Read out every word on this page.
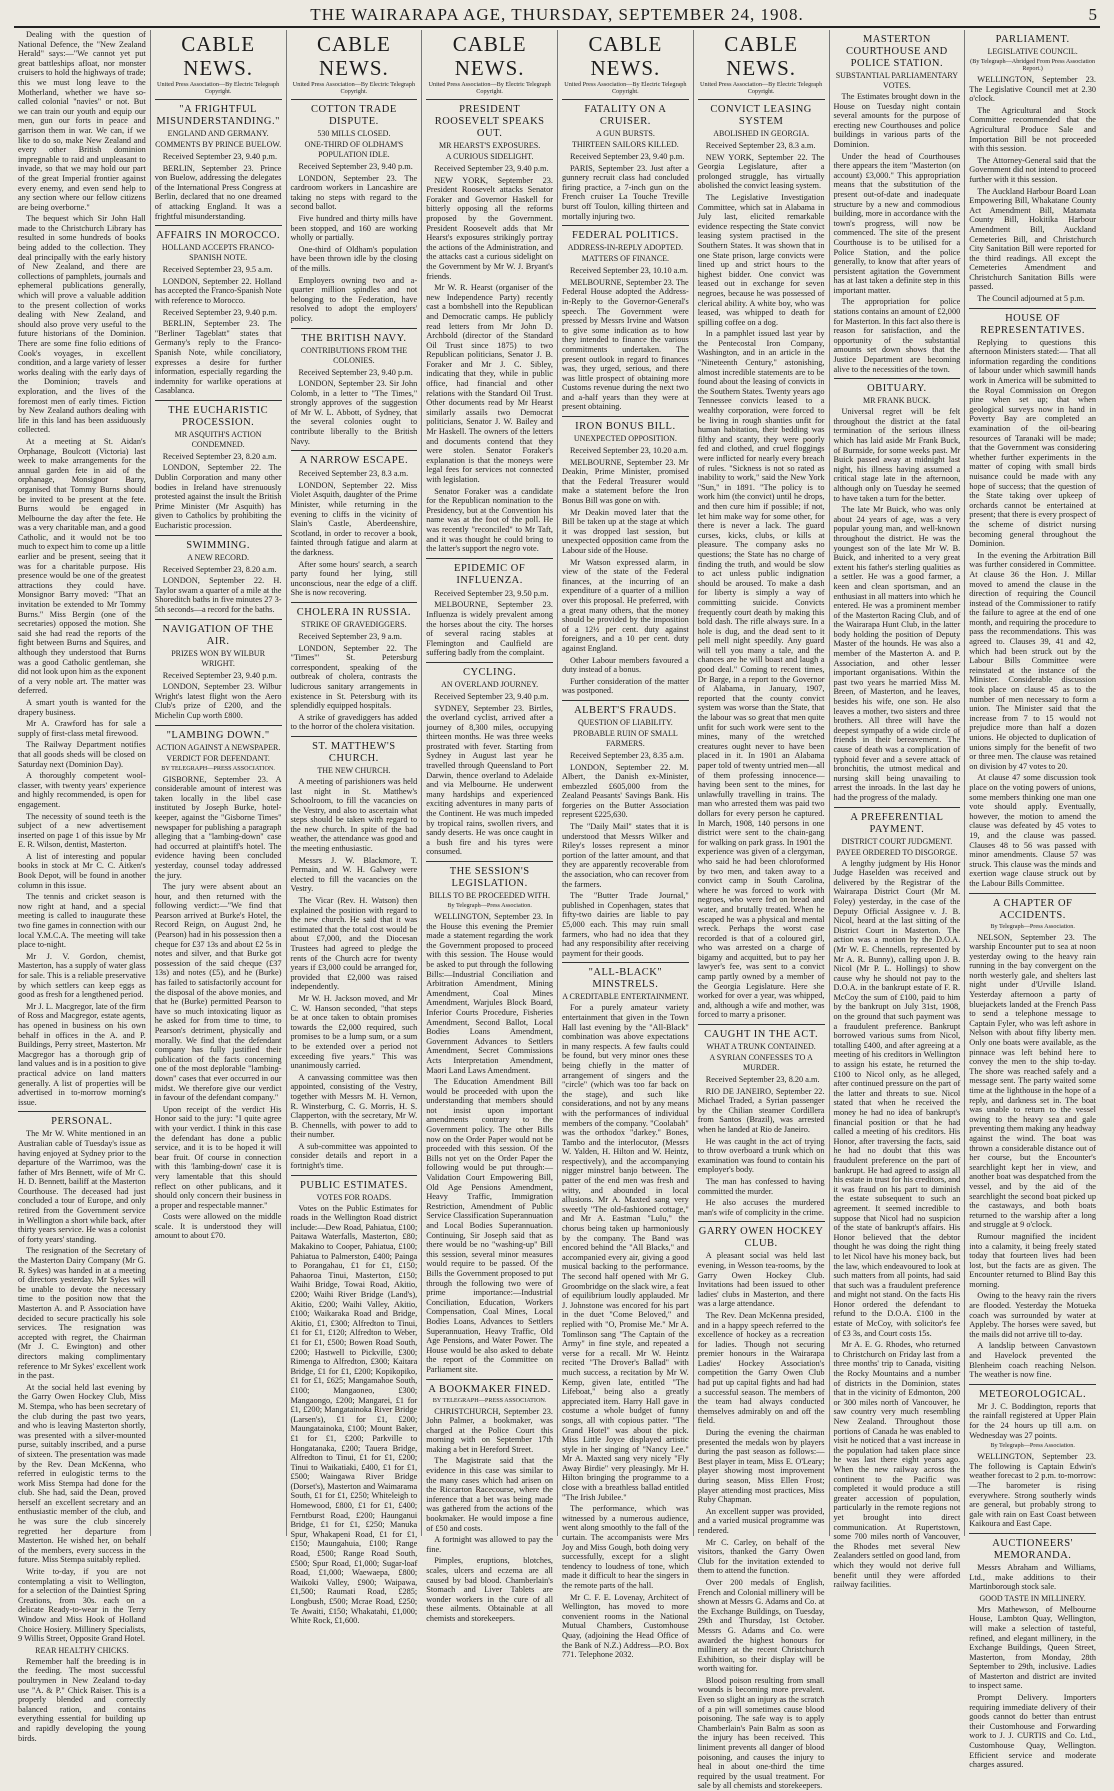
THE WAIRARAPA AGE, THURSDAY, SEPTEMBER 24, 1908.	5

Dealing with the question of National Defence, the "New Zealand Herald" says:—"We cannot yet put great battleships afloat, nor monster cruisers to hold the highways of trade; this we must long leave to the Motherland, whether we have so-called colonial "navies" or not. But we can train our youth and equip our men, gun our forts in peace and garrison them in war. We can, if we like to do so, make New Zealand and every other British dominion impregnable to raid and unpleasant to invade, so that we may hold our part of the great Imperial frontier against every enemy, and even send help to any section where our fellow citizens are being overborne."

The bequest which Sir John Hall made to the Christchurch Library has resulted in some hundreds of books being added to the collection. They deal principally with the early history of New Zealand, and there are collections of pamphlets, journals and ephemeral publications generally, which will prove a valuable addition to the present collection of works dealing with New Zealand, and should also prove very useful to the future historians of the Dominion. There are some fine folio editions of Cook's voyages, in excellent condition, and a large variety of lesser works dealing with the early days of the Dominion; travels and exploration, and the lives of the foremost men of early times. Fiction by New Zealand authors dealing with life in this land has been assiduously collected.

At a meeting at St. Aidan's Orphanage, Boulcott (Victoria) last week to make arrangements for the annual garden fete in aid of the orphanage, Monsignor Barry, organised that Tommy Burns should be invited to be present at the fete. Burns would be engaged in Melbourne the day after the fete. He was a very charitable man, and a good Catholic, and it would not be too much to expect him to come up a little earlier and be present, seeing that it was for a charitable purpose. His presence would be one of the greatest attractions they could have. Monsignor Barry moved: "That an invitation be extended to Mr Tommy Burns." Miss Bergin (one of the secretaries) opposed the motion. She said she had read the reports of the fight between Burns and Squires, and although they understood that Burns was a good Catholic gentleman, she did not look upon him as the exponent of a very noble art. The matter was deferred.

A smart youth is wanted for the drapery business.

Mr A. Crawford has for sale a supply of first-class metal firewood.

The Railway Department notifies that all goods sheds will be closed on Saturday next (Dominion Day).

A thoroughly competent wool-classer, with twenty years' experience and highly recommended, is open for engagement.

The necessity of sound teeth is the subject of a new advertisement inserted on page 1 of this issue by Mr E. R. Wilson, dentist, Masterton.

A list of interesting and popular books in stock at Mr C. C. Aitken's Book Depot, will be found in another column in this issue.

The tennis and cricket season is now right at hand, and a special meeting is called to inaugurate these two fine games in connection with our local Y.M.C.A. The meeting will take place to-night.

Mr J. V. Gordon, chemist, Masterton, has a supply of water glass for sale. This is a reliable preservative by which settlers can keep eggs as good as fresh for a lengthened period.

Mr J. L. Macgregor, late of the firm of Ross and Macgregor, estate agents, has opened in business on his own behalf in offices in the A. and P. Buildings, Perry street, Masterton. Mr Macgregor has a thorough grip of land values and is in a position to give practical advice on land matters generally. A list of properties will be advertised in to-morrow morning's issue.

PERSONAL.

The Mr W. White mentioned in an Australian cable of Tuesday's issue as having enjoyed at Sydney prior to the departure of the Warrimoo, was the father of Mrs Bennett, wife of Mr C. H. D. Bennett, bailiff at the Masterton Courthouse. The deceased had just concluded a tour of Europe, and only retired from the Government service in Wellington a short while back, after thirty years service. He was a colonist of forty years' standing.

The resignation of the Secretary of the Masterton Dairy Company (Mr G. R. Sykes) was handed in at a meeting of directors yesterday. Mr Sykes will be unable to devote the necessary time to the position now that the Masterton A. and P. Association have decided to secure practically his sole services. The resignation was accepted with regret, the Chairman (Mr J. C. Ewington) and other directors making complimentary reference to Mr Sykes' excellent work in the past.

At the social held last evening by the Garry Owen Hockey Club, Miss M. Stempa, who has been secretary of the club during the past two years, and who is leaving Masterton shortly, was presented with a silver-mounted purse, suitably inscribed, and a purse of sixteen. The presentation was made by the Rev. Dean McKenna, who referred in eulogistic terms to the work Miss Stempa had done for the club. She had, said the Dean, proved herself an excellent secretary and an enthusiastic member of the club, and he was sure the club sincerely regretted her departure from Masterton. He wished her, on behalf of the members, every success in the future. Miss Stempa suitably replied.

Write to-day, if you are not contemplating a visit to Wellington, for a selection of the Daintiest Spring Creations, from 30s. each on a delicate Ready-to-wear in the Terry Window and Miss Hook of Holland Choice Hosiery. Millinery Specialists, 9 Willis Street, Opposite Grand Hotel.

REAR HEALTHY CHICKS.

Remember half the breeding is in the feeding. The most successful poultrymen in New Zealand to-day use "A. & P." Chick Raiser. This is a properly blended and correctly balanced ration, and contains everything essential for building up and rapidly developing the young birds.

CABLE NEWS.
United Press Association—By Electric Telegraph Copyright.
"A FRIGHTFUL MISUNDERSTANDING."
ENGLAND AND GERMANY.
COMMENTS BY PRINCE BUELOW.

Received September 23, 9.40 p.m.

BERLIN, September 23. Prince von Buelow, addressing the delegates of the International Press Congress at Berlin, declared that no one dreamed of attacking England. It was a frightful misunderstanding.

AFFAIRS IN MOROCCO.
HOLLAND ACCEPTS FRANCO-SPANISH NOTE.

Received September 23, 9.5 a.m.

LONDON, September 22. Holland has accepted the Franco-Spanish Note with reference to Morocco.

Received September 23, 9.40 p.m.

BERLIN, September 23. The "Berliner Tageblatt" states that Germany's reply to the Franco-Spanish Note, while conciliatory, expresses a desire for further information, especially regarding the indemnity for warlike operations at Casablanca.

THE EUCHARISTIC PROCESSION.
MR ASQUITH'S ACTION CONDEMNED.

Received September 23, 8.20 a.m.

LONDON, September 22. The Dublin Corporation and many other bodies in Ireland have strenuously protested against the insult the British Prime Minister (Mr Asquith) has given to Catholics by prohibiting the Eucharistic procession.

SWIMMING.
A NEW RECORD.

Received September 23, 8.20 a.m.

LONDON, September 22. H. Taylor swam a quarter of a mile at the Shoreditch baths in five minutes 27 3-5th seconds—a record for the baths.

NAVIGATION OF THE AIR.
PRIZES WON BY WILBUR WRIGHT.

Received September 23, 9.40 p.m.

LONDON, September 23. Wilbur Wright's latest flight won the Aero Club's prize of £200, and the Michelin Cup worth £800.

"LAMBING DOWN."
ACTION AGAINST A NEWSPAPER.
VERDICT FOR DEFENDANT.
BY TELEGRAPH—PRESS ASSOCIATION.

GISBORNE, September 23. A considerable amount of interest was taken locally in the libel case instituted by Joseph Burke, hotel-keeper, against the "Gisborne Times" newspaper for publishing a paragraph alleging that a "lambing-down" case had occurred at plaintiff's hotel. The evidence having been concluded yesterday, counsel today addressed the jury.

The jury were absent about an hour, and then returned with the following verdict:—"We find that Pearson arrived at Burke's Hotel, the Record Reign, on August 2nd, he (Pearson) had in his possession then a cheque for £37 13s and about £2 5s in notes and silver, and that Burke got possession of the said cheque (£37 13s) and notes (£5), and he (Burke) has failed to satisfactorily account for the disposal of the above monies, and that he (Burke) permitted Pearson to have so much intoxicating liquor as he asked for from time to time, to Pearson's detriment, physically and morally. We find that the defendant company has fully justified their publication of the facts concerning one of the most deplorable "lambing-down" cases that ever occurred in our midst. We therefore give our verdict in favour of the defendant company."

Upon receipt of the verdict His Honor said to the jury: "I quite agree with your verdict. I think in this case the defendant has done a public service, and it is to be hoped it will bear fruit. Of course in connection with this 'lambing-down' case it is very lamentable that this should reflect on other publicans, and it should only concern their business in a proper and respectable manner."

Costs were allowed on the middle scale. It is understood they will amount to about £70.

CABLE NEWS.
United Press Association—By Electric Telegraph Copyright.
COTTON TRADE DISPUTE.
530 MILLS CLOSED.
ONE-THIRD OF OLDHAM'S POPULATION IDLE.

Received September 23, 9.40 p.m.

LONDON, September 23. The cardroom workers in Lancashire are taking no steps with regard to the second ballot.

Five hundred and thirty mills have been stopped, and 160 are working wholly or partially.

One-third of Oldham's population have been thrown idle by the closing of the mills.

Employers owning two and a-quarter million spindles and not belonging to the Federation, have resolved to adopt the employers' policy.

THE BRITISH NAVY.
CONTRIBUTIONS FROM THE COLONIES.

Received September 23, 9.40 p.m.

LONDON, September 23. Sir John Colomb, in a letter to "The Times," strongly approves of the suggestion of Mr W. L. Abbott, of Sydney, that the several colonies ought to contribute liberally to the British Navy.

A NARROW ESCAPE.

Received September 23, 8.3 a.m.

LONDON, September 22. Miss Violet Asquith, daughter of the Prime Minister, while returning in the evening to cliffs in the vicinity of Slain's Castle, Aberdeenshire, Scotland, in order to recover a book, fainted through fatigue and alarm at the darkness.

After some hours' search, a search party found her lying, still unconscious, near the edge of a cliff. She is now recovering.

CHOLERA IN RUSSIA.
STRIKE OF GRAVEDIGGERS.

Received September 23, 9 a.m.

LONDON, September 22. The "Times'" St. Petersburg correspondent, speaking of the outbreak of cholera, contrasts the ludicrous sanitary arrangements in existence in St. Petersburg with its splendidly equipped hospitals.

A strike of gravediggers has added to the horror of the cholera visitation.

ST. MATTHEW'S CHURCH.
THE NEW CHURCH.

A meeting of parishioners was held last night in St. Matthew's Schoolroom, to fill the vacancies on the Vestry, and also to ascertain what steps should be taken with regard to the new church. In spite of the bad weather, the attendance was good and the meeting enthusiastic.

Messrs J. W. Blackmore, T. Permain, and W. H. Galwey were elected to fill the vacancies on the Vestry.

The Vicar (Rev. H. Watson) then explained the position with regard to the new church. He said that it was estimated that the total cost would be about £7,000, and the Diocesan Trustees had agreed to pledge the rents of the Church acre for twenty years if £3,000 could be arranged for, provided that £2,000 was raised independently.

Mr W. H. Jackson moved, and Mr C. W. Hanson seconded, "that steps be at once taken to obtain promises towards the £2,000 required, such promises to be a lump sum, or a sum to be extended over a period not exceeding five years." This was unanimously carried.

A canvassing committee was then appointed, consisting of the Vestry, together with Messrs M. H. Vernon, R. Winsterburg, C. G. Morris, H. S. Clapperton, with the secretary, Mr W. B. Chennells, with power to add to their number.

A sub-committee was appointed to consider details and report in a fortnight's time.

PUBLIC ESTIMATES.
VOTES FOR ROADS.

Votes on the Public Estimates for roads in the Wellington Road district include:—Dew Road, Pahiatua, £100; Paitawa Waterfalls, Masterton, £80; Makakino to Cooper, Pahiatua, £100; Pahiatua to Palmerston, £400; Painga to Porangahau, £1 for £1, £150; Pahaoroa Tinui, Masterton, £150; Waihi Bridge, Towai Road, Akitio, £200; Waihi River Bridge (Land's), Akitio, £200; Waihi Valley, Akitio, £100; Waikaraka Road and Bridge, Akitio, £1, £300; Alfredton to Tinui, £1 for £1, £120; Alfredton to Weber, £1 for £1, £500; Bowen Road South, £200; Hastwell to Pickville, £300; Rimenga to Alfredton, £300; Kaitara Bridge, £1 for £1, £200; Kopikopiko, £1 for £1, £625; Mangamahoe South, £100; Mangaoneo, £300; Mangaongo, £200; Mangarei, £1 for £1, £200; Mangatainoka River Bridge (Larsen's), £1 for £1, £200; Maungatainoka, £100; Mount Baker, £1 for £1, £200; Parkville to Hongatanaka, £200; Tauera Bridge, Alfredton to Tinui, £1 for £1, £200; Tinui to Waikatiaki, £400, £1 for £1, £500; Waingawa River Bridge (Dorset's), Masterton and Waimarama South, £1 for £1, £250; Whiteleigh to Homewood, £800, £1 for £1, £400; Ferntburst Road, £200; Haunganui Bridge, £1 for £1, £250; Manuka Spur, Whakapeni Road, £1 for £1, £150; Maungahuia, £100; Range Road, £500; Range Road South, £500; Spur Road, £1,000; Sugar-loaf Road, £1,000; Waewaepa, £800; Waikoki Valley, £900; Waipawa, £1,500; Raumati Road, £285; Longbush, £500; Mcrae Road, £250; Te Awaiti, £150; Whakatahi, £1,000; White Rock, £1,600.

CABLE NEWS.
United Press Association—By Electric Telegraph Copyright.
PRESIDENT ROOSEVELT SPEAKS OUT.
MR HEARST'S EXPOSURES.
A CURIOUS SIDELIGHT.

Received September 23, 9.40 p.m.

NEW YORK, September 23. President Roosevelt attacks Senator Foraker and Governor Haskell for bitterly opposing all the reforms proposed by the Government. President Roosevelt adds that Mr Hearst's exposures strikingly portray the actions of the Administration, and the attacks cast a curious sidelight on the Government by Mr W. J. Bryant's friends.

Mr W. R. Hearst (organiser of the new Independence Party) recently cast a bombshell into the Republican and Democratic camps. He publicly read letters from Mr John D. Archbold (director of the Standard Oil Trust since 1875) to two Republican politicians, Senator J. B. Foraker and Mr J. C. Sibley, indicating that they, while in public office, had financial and other relations with the Standard Oil Trust. Other documents read by Mr Hearst similarly assails two Democrat politicians, Senator J. W. Bailey and Mr Haskell. The owners of the letters and documents contend that they were stolen. Senator Foraker's explanation is that the moneys were legal fees for services not connected with legislation.

Senator Foraker was a candidate for the Republican nomination to the Presidency, but at the Convention his name was at the foot of the poll. He was recently "reconciled" to Mr Taft, and it was thought he could bring to the latter's support the negro vote.

EPIDEMIC OF INFLUENZA.

Received September 23, 9.50 p.m.

MELBOURNE, September 23. Influenza is widely prevalent among the horses about the city. The horses of several racing stables at Flemington and Caulfield are suffering badly from the complaint.

CYCLING.
AN OVERLAND JOURNEY.

Received September 23, 9.40 p.m.

SYDNEY, September 23. Birtles, the overland cyclist, arrived after a journey of 8,300 miles, occupying thirteen months. He was three weeks prostrated with fever. Starting from Sydney in August last year he travelled through Queensland to Port Darwin, thence overland to Adelaide and via Melbourne. He underwent many hardships and experienced exciting adventures in many parts of the Continent. He was much impeded by tropical rains, swollen rivers, and sandy deserts. He was once caught in a bush fire and his tyres were consumed.

THE SESSION'S LEGISLATION.
BILLS TO BE PROCEEDED WITH.
By Telegraph—Press Association.

WELLINGTON, September 23. In the House this evening the Premier made a statement regarding the work the Government proposed to proceed with this session. The House would be asked to put through the following Bills:—Industrial Conciliation and Arbitration Amendment, Mining Amendment, Coal Mines Amendment, Warjules Block Board, Inferior Courts Procedure, Fisheries Amendment, Second Ballot, Local Bodies Loans Amendment, Government Advances to Settlers Amendment, Secret Commissions Acts Interpretation Amendment, Maori Land Laws Amendment.

The Education Amendment Bill would be proceeded with upon the understanding that members should not insist upon important amendments contrary to the Government policy. The other Bills now on the Order Paper would not be proceeded with this session. Of the Bills not yet on the Order Paper the following would be put through:—Validation Court Empowering Bill, Old Age Pensions Amendment, Heavy Traffic, Immigration Restriction, Amendment of Public Service Classification Superannuation and Local Bodies Superannuation. Continuing, Sir Joseph said that as there would be no "washing-up" Bill this session, several minor measures would require to be passed. Of the Bills the Government proposed to put through the following two were of prime importance:—Industrial Conciliation, Education, Workers Compensation, Coal Mines, Local Bodies Loans, Advances to Settlers Superannuation, Heavy Traffic, Old Age Pensions, and Water Power. The House would be also asked to debate the report of the Committee on Parliament site.

A BOOKMAKER FINED.
BY TELEGRAPH—PRESS ASSOCIATION.

CHRISTCHURCH, September 23. John Palmer, a bookmaker, was charged at the Police Court this morning with on September 17th making a bet in Hereford Street.

The Magistrate said that the evidence in this case was similar to the many cases which had arisen on the Riccarton Racecourse, where the inference that a bet was being made was gathered from the actions of the bookmaker. He would impose a fine of £50 and costs.

A fortnight was allowed to pay the fine.

Pimples, eruptions, blotches, scales, ulcers and eczema are all caused by bad blood. Chamberlain's Stomach and Liver Tablets are wonder workers in the cure of all these ailments. Obtainable at all chemists and storekeepers.

CABLE NEWS.
United Press Association—By Electric Telegraph Copyright.
FATALITY ON A CRUISER.
A GUN BURSTS.
THIRTEEN SAILORS KILLED.

Received September 23, 9.40 p.m.

PARIS, September 23. Just after a gunnery recruit class had concluded firing practice, a 7-inch gun on the French cruiser La Touche Treville burst off Toulon, killing thirteen and mortally injuring two.

FEDERAL POLITICS.
ADDRESS-IN-REPLY ADOPTED.
MATTERS OF FINANCE.

Received September 23, 10.10 a.m.

MELBOURNE, September 23. The Federal House adopted the Address-in-Reply to the Governor-General's speech. The Government were pressed by Messrs Irvine and Watson to give some indication as to how they intended to finance the various commitments undertaken. The present outlook in regard to finances was, they urged, serious, and there was little prospect of obtaining more Customs revenue during the next two and a-half years than they were at present obtaining.

IRON BONUS BILL.
UNEXPECTED OPPOSITION.

Received September 23, 10.20 a.m.

MELBOURNE, September 23. Mr Deakin, Prime Minister, promised that the Federal Treasurer would make a statement before the Iron Bonus Bill was gone on with.

Mr Deakin moved later that the Bill be taken up at the stage at which it was dropped last session, but unexpected opposition came from the Labour side of the House.

Mr Watson expressed alarm, in view of the state of the Federal finances, at the incurring of an expenditure of a quarter of a million over this proposal. He preferred, with a great many others, that the money should be provided by the imposition of a 12½ per cent. duty against foreigners, and a 10 per cent. duty against England.

Other Labour members favoured a duty instead of a bonus.

Further consideration of the matter was postponed.

ALBERT'S FRAUDS.
QUESTION OF LIABILITY.
PROBABLE RUIN OF SMALL FARMERS.

Received September 23, 8.35 a.m.

LONDON, September 22. M. Albert, the Danish ex-Minister, embezzled £605,000 from the Zealand Peasants' Savings Bank. His forgeries on the Butter Association represent £225,630.

The "Daily Mail" states that it is understood that Messrs Wilker and Riley's losses represent a minor portion of the latter amount, and that they are apparently recoverable from the association, who can recover from the farmers.

The "Butter Trade Journal," published in Copenhagen, states that fifty-two dairies are liable to pay £5,000 each. This may ruin small farmers, who had no idea that they had any responsibility after receiving payment for their goods.

"ALL-BLACK" MINSTRELS.
A CREDITABLE ENTERTAINMENT.

For a purely amateur variety entertainment that given in the Town Hall last evening by the "All-Black" combination was above expectations in many respects. A few faults could be found, but very minor ones these being chiefly in the matter of arrangement of singers and the "circle" (which was too far back on the stage), and such like considerations, and not by any means with the performances of individual members of the company. "Coolabah" was the orthodox "darkey." Bones, Tambo and the interlocutor, (Messrs W. Yalden, H. Hilton and W. Heintz, respectively), and the accompanying nigger minstrel banjo between. The patter of the end men was fresh and witty, and abounded in local allusions. Mr A. Maxted sang very sweetly "The old-fashioned cottage," and Mr A. Eastman "Lulu," the chorus being taken up harmoniously by the company. The Band was encored behind the "All Blacks," and accompanied every air, giving a good musical backing to the performance. The second half opened with Mr G. Groombridge on the slack wire, a feat of equilibrium loudly applauded. Mr J. Johnstone was encored for his part in the duet "Come Beloved," and replied with "O, Promise Me." Mr A. Tomlinson sang "The Captain of the Army" in fine style, and repeated a verse for a recall. Mr W. Heintz recited "The Drover's Ballad" with much success, a recitation by Mr W. Kemp, given late, entitled "The Lifeboat," being also a greatly appreciated item. Harry Hall gave in costume a whole budget of funny songs, all with copious patter. "The Grand Hotel" was about the pick. Miss Little Joyce displayed artistic style in her singing of "Nancy Lee." Mr A. Maxted sang very nicely "Fly Away Birdie" very pleasingly. Mr H. Hilton bringing the programme to a close with a breathless ballad entitled "The Irish Jubilee."

The performance, which was witnessed by a numerous audience, went along smoothly to the fall of the curtain. The accompanists were Mrs Joy and Miss Gough, both doing very successfully, except for a slight tendency to loudness of tone, which made it difficult to hear the singers in the remote parts of the hall.

Mr C. F. E. Lovenay, Architect of Wellington, has moved to more convenient rooms in the National Mutual Chambers, Customhouse Quay, (adjoining the Head Office of the Bank of N.Z.) Address—P.O. Box 771. Telephone 2032.

CABLE NEWS.
United Press Association—By Electric Telegraph Copyright.
CONVICT LEASING SYSTEM
ABOLISHED IN GEORGIA.

Received September 23, 8.3 a.m.

NEW YORK, September 22. The Georgia Legislature, after a prolonged struggle, has virtually abolished the convict leasing system.

The Legislative Investigation Committee, which sat in Alabama in July last, elicited remarkable evidence respecting the State convict leasing system practised in the Southern States. It was shown that in one State prison, large convicts were lined up and strict hours to the highest bidder. One convict was leased out in exchange for seven negroes, because he was possessed of clerical ability. A white boy, who was leased, was whipped to death for spilling coffee on a dog.

In a pamphlet issued last year by the Pentecostal Iron Company, Washington, and in an article in the "Nineteenth Century," astonishing, almost incredible statements are to be found about the leasing of convicts in the Southern States. Twenty years ago Tennessee convicts leased to a wealthy corporation, were forced to be living in rough shanties unfit for human habitation, their bedding was filthy and scanty, they were poorly fed and clothed, and cruel floggings were inflicted for nearly every breach of rules. "Sickness is not so rated as inability to work," said the New York "Sun," in 1891. "The policy is to work him (the convict) until he drops, and then cure him if possible; if not, let him make way for some other, for there is never a lack. The guard curses, kicks, clubs, or kills at pleasure. The company asks no questions; the State has no charge of finding the truth, and would be slow to act unless public indignation should be aroused. To make a dash for liberty is simply a way of committing suicide. Convicts frequently court death by making this bold dash. The rifle always sure. In a hole is dug, and the dead sent to it pell mell night speedily. Any guard will tell you many a tale, and the chances are he will boast and laugh a good deal." Coming to recent times, Dr Barge, in a report to the Governor of Alabama, in January, 1907, reported that the county convict system was worse than the State, that the labour was so great that men quite unfit for such work were sent to the mines, many of the wretched creatures ought never to have been placed in it. In 1901 an Alabama paper told of twenty untried men—all of them professing innocence—having been sent to the mines, for unlawfully travelling in trains. The man who arrested them was paid two dollars for every person he captured. In March, 1908, 140 persons in one district were sent to the chain-gang for walking on park grass. In 1901 the experience was given of a clergyman, who said he had been chloroformed by two men, and taken away to a convict camp in South Carolina, where he was forced to work with negroes, who were fed on bread and water, and brutally treated. When he escaped he was a physical and mental wreck. Perhaps the worst case recorded is that of a coloured girl, who was arrested on a charge of bigamy and acquitted, but to pay her lawyer's fee, was sent to a convict camp partly owned by a member of the Georgia Legislature. Here she worked for over a year, was whipped, and, although a wife and mother, was forced to marry a prisoner.

CAUGHT IN THE ACT.
WHAT A TRUNK CONTAINED.
A SYRIAN CONFESSES TO A MURDER.

Received September 23, 8.20 a.m.

RIO DE JANEIRO, September 22. Michael Traded, a Syrian passenger by the Chilian steamer Cordillera from Santos (Brazil), was arrested when he landed at Rio de Janeiro.

He was caught in the act of trying to throw overboard a trunk which on examination was found to contain his employer's body.

The man has confessed to having committed the murder.

He also accuses the murdered man's wife of complicity in the crime.

GARRY OWEN HOCKEY CLUB.

A pleasant social was held last evening, in Wesson tea-rooms, by the Garry Owen Hockey Club. Invitations had been issued to other ladies' clubs in Masterton, and there was a large attendance.

The Rev. Dean McKenna presided, and in a happy speech referred to the excellence of hockey as a recreation for ladies. Though not securing premier honours in the Wairarapa Ladies' Hockey Association's competition the Garry Owen Club had put up capital fights and had had a successful season. The members of the team had always conducted themselves admirably on and off the field.

During the evening the chairman presented the medals won by players during the past season as follows:—Best player in team, Miss E. O'Leary; player showing most improvement during season, Miss Ellen Frost; player attending most practices, Miss Ruby Chapman.

An excellent supper was provided, and a varied musical programme was rendered.

Mr C. Carley, on behalf of the visitors, thanked the Garry Owen Club for the invitation extended to them to attend the function.

Over 200 medals of English, French and Colonial millinery will be shown at Messrs G. Adams and Co. at the Exchange Buildings, on Tuesday, 29th and Thursday, 1st October. Messrs G. Adams and Co. were awarded the highest honours for millinery at the recent Christchurch Exhibition, so their display will be worth waiting for.

Blood poison resulting from small wounds is becoming more prevalent. Even so slight an injury as the scratch of a pin will sometimes cause blood poisoning. The safe way is to apply Chamberlain's Pain Balm as soon as the injury has been received. This liniment prevents all danger of blood poisoning, and causes the injury to heal in about one-third the time required by the usual treatment. For sale by all chemists and storekeepers.

MASTERTON COURTHOUSE AND POLICE STATION.
SUBSTANTIAL PARLIAMENTARY VOTES.

The Estimates brought down in the House on Tuesday night contain several amounts for the purpose of erecting new Courthouses and police buildings in various parts of the Dominion.

Under the head of Courthouses there appears the item "Masterton (on account) £3,000." This appropriation means that the substitution of the present out-of-date and inadequate structure by a new and commodious building, more in accordance with the town's progress, will now be commenced. The site of the present Courthouse is to be utilised for a Police Station, and the police generally, to know that after years of persistent agitation the Government has at last taken a definite step in this important matter.

The appropriation for police stations contains an amount of £2,000 for Masterton. In this fact also there is reason for satisfaction, and the opportunity of the substantial amounts set down shows that the Justice Department are becoming alive to the necessities of the town.

OBITUARY.
MR FRANK BUCK.

Universal regret will be felt throughout the district at the fatal termination of the serious illness which has laid aside Mr Frank Buck, of Burnside, for some weeks past. Mr Buick passed away at midnight last night, his illness having assumed a critical stage late in the afternoon, although only on Tuesday he seemed to have taken a turn for the better.

The late Mr Buick, who was only about 24 years of age, was a very popular young man, and well-known throughout the district. He was the youngest son of the late Mr W. B. Buick, and inherited to a very great extent his father's sterling qualities as a settler. He was a good farmer, a keen and clean sportsman, and an enthusiast in all matters into which he entered. He was a prominent member of the Masterton Racing Club, and of the Wairarapa Hunt Club, in the latter body holding the position of Deputy Master of the hounds. He was also a member of the Masterton A. and P. Association, and other lesser important organisations. Within the past two years he married Miss M. Breen, of Masterton, and he leaves, besides his wife, one son. He also leaves a mother, two sisters and three brothers. All three will have the deepest sympathy of a wide circle of friends in their bereavement. The cause of death was a complication of typhoid fever and a severe attack of bronchitis, the utmost medical and nursing skill being unavailing to arrest the inroads. In the last day he had the progress of the malady.

A PREFERENTIAL PAYMENT.
DISTRICT COURT JUDGMENT.
PAYEE ORDERED TO DISGORGE.

A lengthy judgment by His Honor Judge Haselden was received and delivered by the Registrar of the Wairarapa District Court (Mr M. Foley) yesterday, in the case of the Deputy Official Assignee v. J. B. Nicol, heard at the last sitting of the District Court in Masterton. The action was a motion by the D.O.A. (Mr W. E. Chennells, represented by Mr A. R. Bunny), calling upon J. B. Nicol (Mr P. L. Hollings) to show cause why he should not pay to the D.O.A. in the bankrupt estate of F. R. McCoy the sum of £100, paid to him by the bankrupt on July 31st, 1908, on the ground that such payment was a fraudulent preference. Bankrupt borrowed various sums from Nicol, totalling £400, and after agreeing at a meeting of his creditors in Wellington to assign his estate, he returned the £100 to Nicol only, as he alleged, after continued pressure on the part of the latter and threats to sue. Nicol stated that when he received the money he had no idea of bankrupt's financial position or that he had called a meeting of his creditors. His Honor, after traversing the facts, said he had no doubt that this was fraudulent preference on the part of bankrupt. He had agreed to assign all his estate in trust for his creditors, and it was fraud on his part to diminish the estate subsequent to such an agreement. It seemed incredible to suppose that Nicol had no suspicion of the state of bankrupt's affairs. His Honor believed that the debtor thought he was doing the right thing to let Nicol have his money back, but the law, which endeavoured to look at such matters from all points, had said that such was a fraudulent preference and might not stand. On the facts His Honor ordered the defendant to refund to the D.O.A. £100 in the estate of McCoy, with solicitor's fee of £3 3s, and Court costs 15s.

Mr A. E. G. Rhodes, who returned to Christchurch on Friday last from a three months' trip to Canada, visiting the Rocky Mountains and a number of districts in the Dominion, states that in the vicinity of Edmonton, 200 or 300 miles north of Vancouver, he saw country very much resembling New Zealand. Throughout those portions of Canada he was enabled to visit he noticed that a vast increase in the population had taken place since he was last there eight years ago. When the new railway across the continent to the Pacific was completed it would produce a still greater accession of population, particularly in the remote regions not yet brought into direct communication. At Rupertstown, some 700 miles north of Vancouver, the Rhodes met several New Zealanders settled on good land, from which they would not derive full benefit until they were afforded railway facilities.

PARLIAMENT.
LEGISLATIVE COUNCIL.
(By Telegraph—Abridged From Press Association Report.)

WELLINGTON, September 23. The Legislative Council met at 2.30 o'clock.

The Agricultural and Stock Committee recommended that the Agricultural Produce Sale and Importation Bill be not proceeded with this session.

The Attorney-General said that the Government did not intend to proceed further with it this session.

The Auckland Harbour Board Loan Empowering Bill, Whakatane County Act Amendment Bill, Matamata County Bill, Hokitika Harbour Amendment Bill, Auckland Cemeteries Bill, and Christchurch City Sanitation Bill were reported for the third readings. All except the Cemeteries Amendment and Christchurch Sanitation Bills were passed.

The Council adjourned at 5 p.m.

HOUSE OF REPRESENTATIVES.

Replying to questions this afternoon Ministers stated:— That all information regarding the conditions of labour under which sawmill hands work in America will be submitted to the Royal Commission on Oregon pine when set up; that when geological surveys now in hand in Poverty Bay are completed an examination of the oil-bearing resources of Taranaki will be made; that the Government was considering whether further experiments in the matter of coping with small birds nuisance could be made with any hope of success; that the question of the State taking over upkeep of orchards cannot be entertained at present; that there is every prospect of the scheme of district nursing becoming general throughout the Dominion.

In the evening the Arbitration Bill was further considered in Committee. At clause 36 the Hon. J. Millar moved to amend the clause in the direction of requiring the Council instead of the Commissioner to ratify the failure to agree at the end of one month, and requiring the procedure to pass the recommendations. This was agreed to. Clauses 39, 41 and 42, which had been struck out by the Labour Bills Committee were reinstated at the instance of the Minister. Considerable discussion took place on clause 45 as to the number of men necessary to form a union. The Minister said that the increase from 7 to 15 would not prejudice more than half a dozen unions. He objected to duplication of unions simply for the benefit of two or three men. The clause was retained on division by 47 votes to 20.

At clause 47 some discussion took place on the voting powers of unions, some members thinking one man one vote should apply. Eventually, however, the motion to amend the clause was defeated by 45 votes to 19, and the clause was passed. Clauses 48 to 56 was passed with minor amendments. Clause 57 was struck. This clause was the minds and exertion wage clause struck out by the Labour Bills Committee.

A CHAPTER OF ACCIDENTS.
By Telegraph—Press Association.

NELSON, September 23. The warship Encounter put to sea at noon yesterday owing to the heavy rain running in the bay convergent on the north westerly gale, and shelters last night under d'Urville Island. Yesterday afternoon a party of bluejackets landed at the French Pass to send a telephone message to Captain Fyler, who was left ashore in Nelson with about fifty liberty men. Only one boats were available, as the pinnace was left behind here to convey the men to the ship to-day. The shore was reached safely and a message sent. The party waited some time at the lighthouse in the hope of a reply, and darkness set in. The boat was unable to return to the vessel owing to the heavy sea and gale preventing them making any headway against the wind. The boat was thrown a considerable distance out of her course, but the Encounter's searchlight kept her in view, and another boat was despatched from the vessel, and by the aid of the searchlight the second boat picked up the castaways, and both boats returned to the warship after a long and struggle at 9 o'clock.

Rumour magnified the incident into a calamity, it being freely stated today that fourteen lives had been lost, but the facts are as given. The Encounter returned to Blind Bay this morning.

Owing to the heavy rain the rivers are flooded. Yesterday the Motueka coach was surrounded by water at Appleby. The horses were saved, but the mails did not arrive till to-day.

A landslip between Canvastown and Havelock prevented the Blenheim coach reaching Nelson. The weather is now fine.

METEOROLOGICAL.

Mr J. C. Boddington, reports that the rainfall registered at Upper Plain for the 24 hours up till a.m. on Wednesday was 27 points.

By Telegraph—Press Association.

WELLINGTON, September 23. The following is Captain Edwin's weather forecast to 2 p.m. to-morrow:—The barometer is rising everywhere. Strong southerly winds are general, but probably strong to gale with rain on East Coast between Kaikoura and East Cape.

AUCTIONEERS' MEMORANDA.

Messrs Abraham and Williams, Ltd., make additions to their Martinborough stock sale.

GOOD TASTE IN MILLINERY.

Mrs Mathewson, of Melbourne House, Lambton Quay, Wellington, will make a selection of tasteful, refined, and elegant millinery, in the Exchange Buildings, Queen Street, Masterton, from Monday, 28th September to 29th, inclusive. Ladies of Masterton and district are invited to inspect same.

Prompt Delivery. Importers requiring immediate delivery of their goods cannot do better than entrust their Customhouse and Forwarding work to J. J. CURTIS and Co. Ltd., Customhouse Quay, Wellington. Efficient service and moderate charges assured.
